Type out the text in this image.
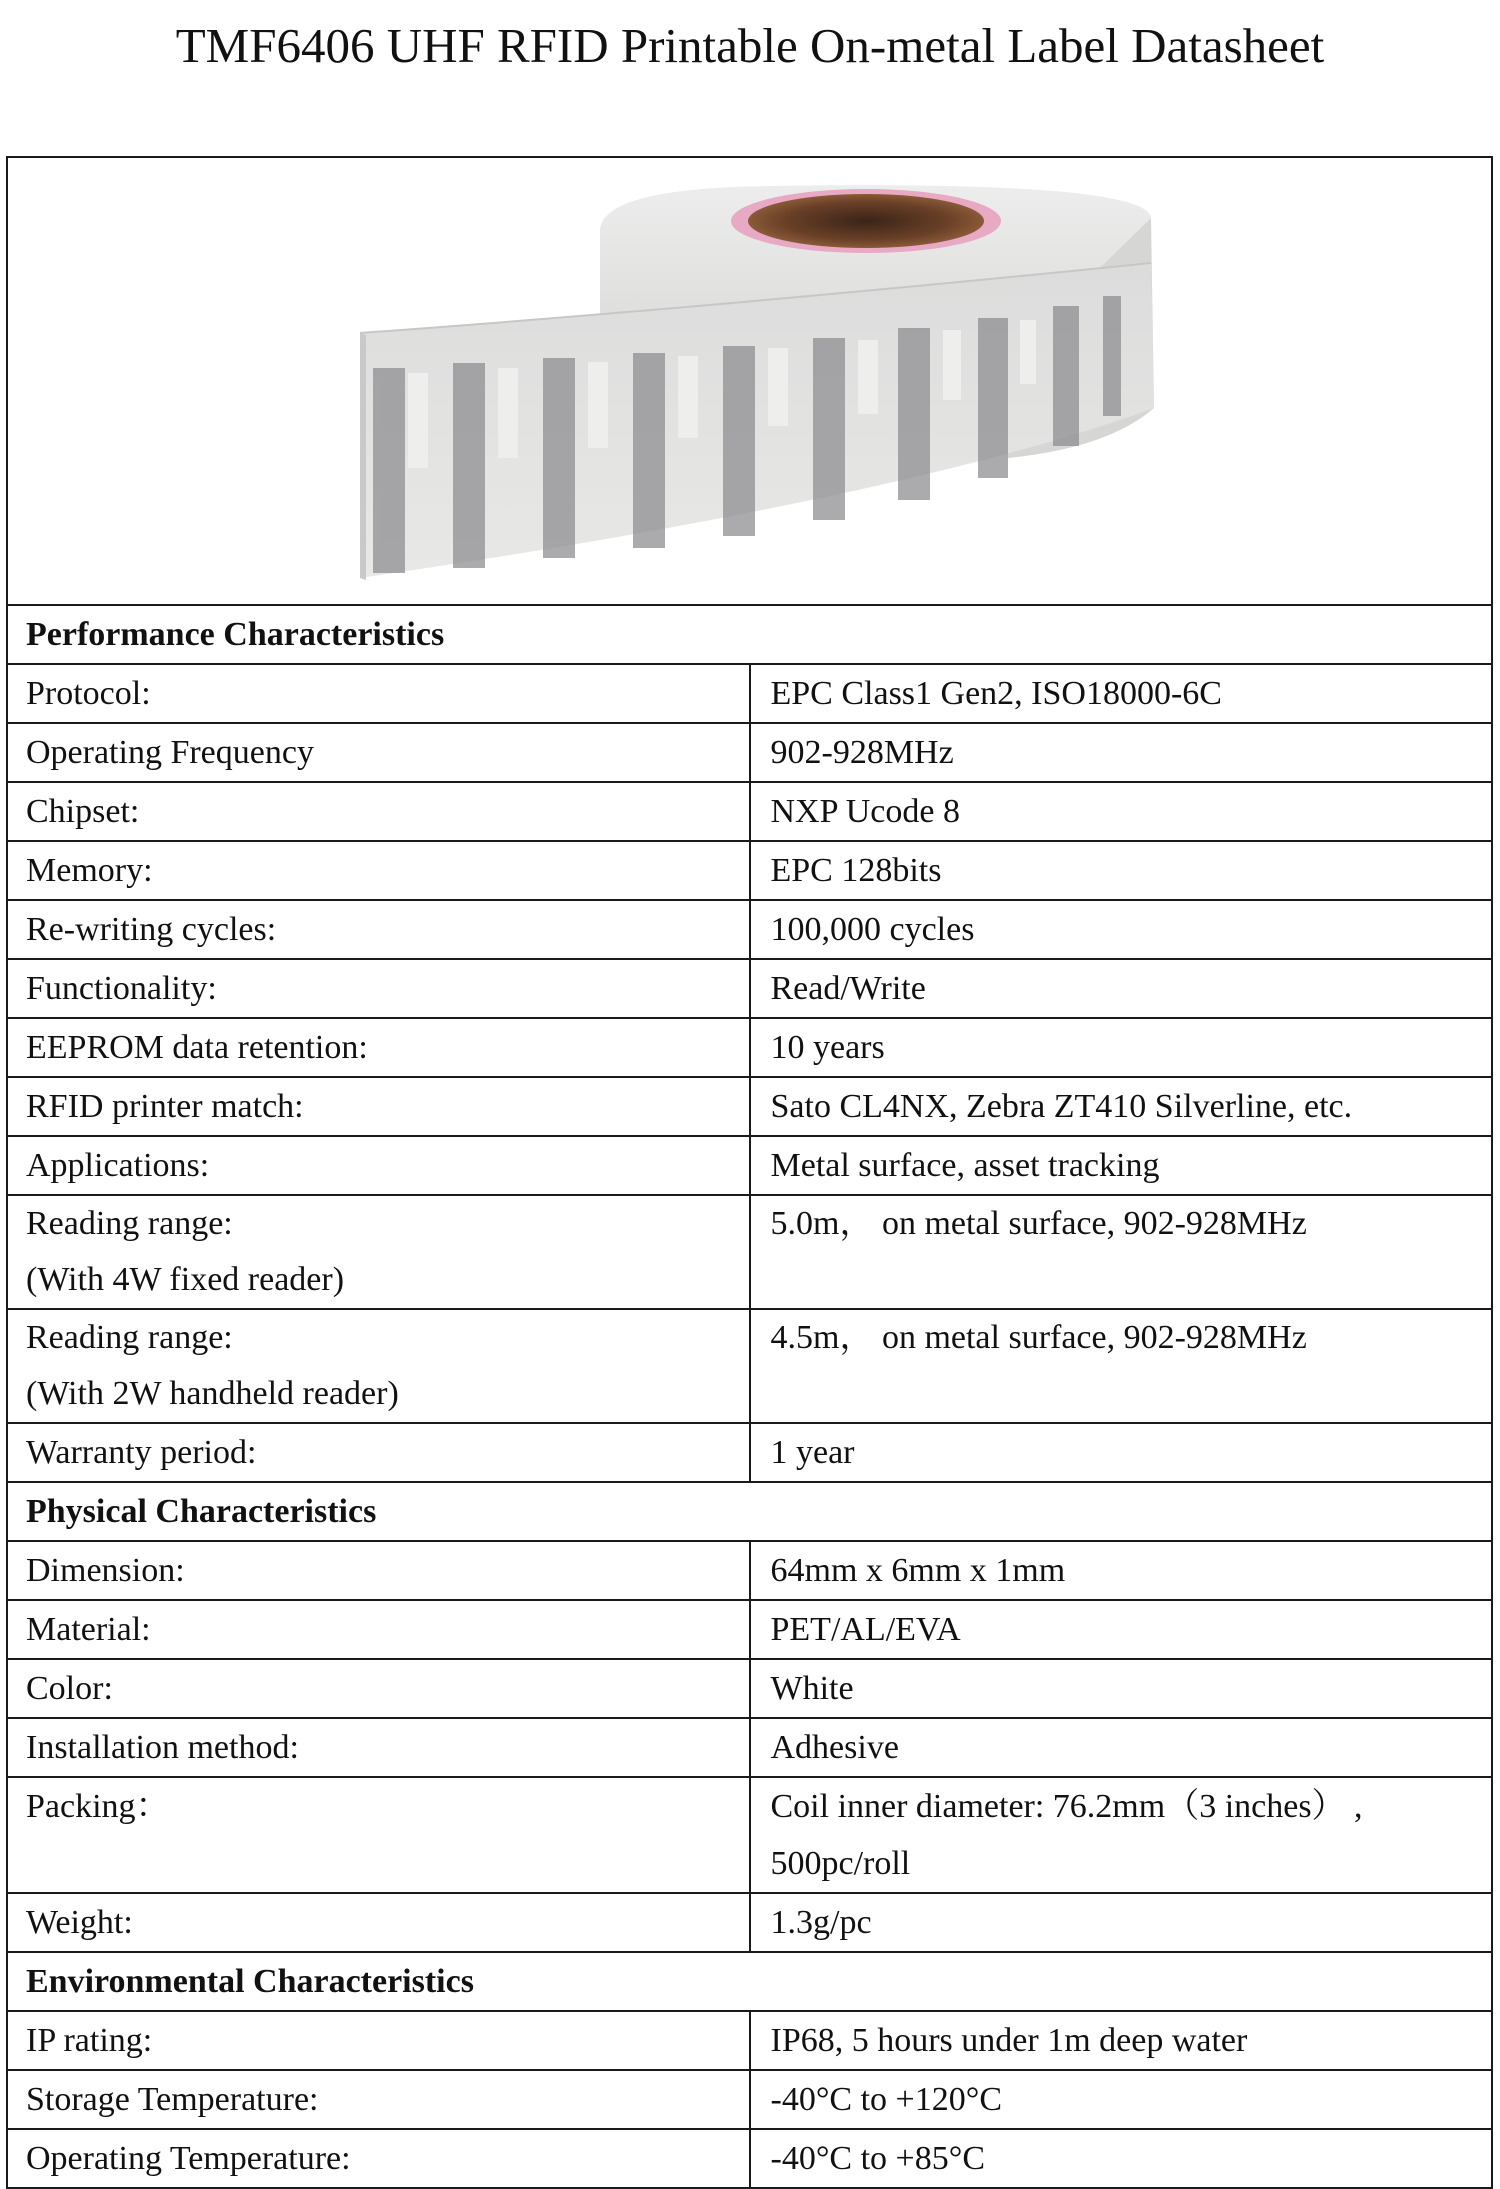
TMF6406 UHF RFID Printable On-metal Label Datasheet
Performance Characteristics	
Protocol:	EPC Class1 Gen2, ISO18000-6C
Operating Frequency	902-928MHz
Chipset:	NXP Ucode 8
Memory:	EPC 128bits
Re-writing cycles:	100,000 cycles
Functionality:	Read/Write
EEPROM data retention:	10 years
RFID printer match:	Sato CL4NX, Zebra ZT410 Silverline, etc.
Applications:	Metal surface, asset tracking

Reading range:
(With 4W fixed reader)	5.0m， on metal surface, 902-928MHz

Reading range:
(With 2W handheld reader)	4.5m， on metal surface, 902-928MHz
Warranty period:	1 year
Physical Characteristics	
Dimension:	64mm x 6mm x 1mm
Material:	PET/AL/EVA
Color:	White
Installation method:	Adhesive
Packing：	Coil inner diameter: 76.2mm（3 inches） , 500pc/roll
Weight:	1.3g/pc
Environmental Characteristics	
IP rating:	IP68, 5 hours under 1m deep water
Storage Temperature:	-40°C to +120°C
Operating Temperature:	-40°C to +85°C
